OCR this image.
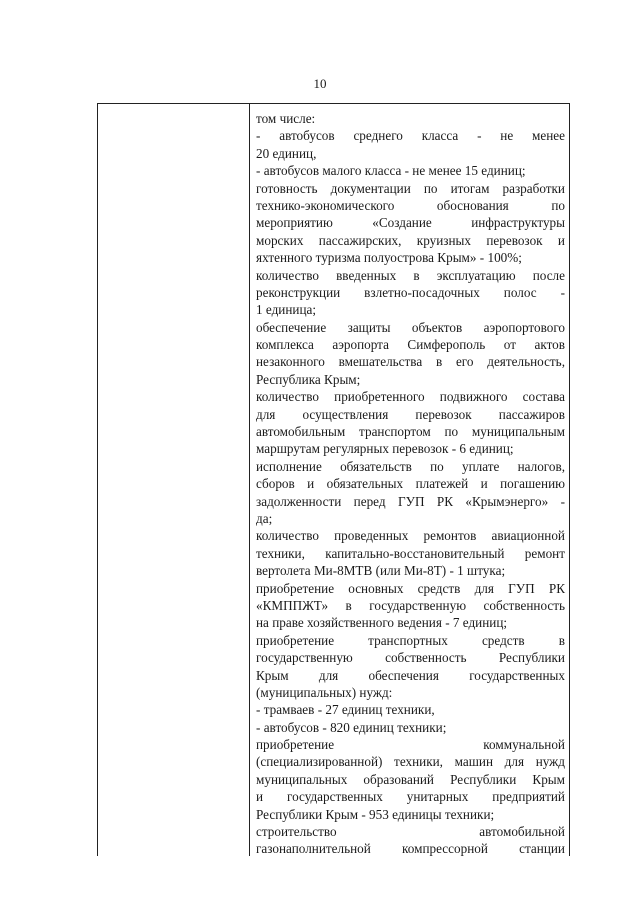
10
том числе:
- автобусов среднего класса - не менее
20 единиц,
- автобусов малого класса - не менее 15 единиц;
готовность документации по итогам разработки
технико-экономического обоснования по
мероприятию «Создание инфраструктуры
морских пассажирских, круизных перевозок и
яхтенного туризма полуострова Крым» - 100%;
количество введенных в эксплуатацию после
реконструкции взлетно-посадочных полос -
1 единица;
обеспечение защиты объектов аэропортового
комплекса аэропорта Симферополь от актов
незаконного вмешательства в его деятельность,
Республика Крым;
количество приобретенного подвижного состава
для осуществления перевозок пассажиров
автомобильным транспортом по муниципальным
маршрутам регулярных перевозок - 6 единиц;
исполнение обязательств по уплате налогов,
сборов и обязательных платежей и погашению
задолженности перед ГУП РК «Крымэнерго» -
да;
количество проведенных ремонтов авиационной
техники, капитально-восстановительный ремонт
вертолета Ми-8МТВ (или Ми-8Т) - 1 штука;
приобретение основных средств для ГУП РК
«КМППЖТ» в государственную собственность
на праве хозяйственного ведения - 7 единиц;
приобретение транспортных средств в
государственную собственность Республики
Крым для обеспечения государственных
(муниципальных) нужд:
- трамваев - 27 единиц техники,
- автобусов - 820 единиц техники;
приобретение коммунальной
(специализированной) техники, машин для нужд
муниципальных образований Республики Крым
и государственных унитарных предприятий
Республики Крым - 953 единицы техники;
строительство автомобильной
газонаполнительной компрессорной станции
